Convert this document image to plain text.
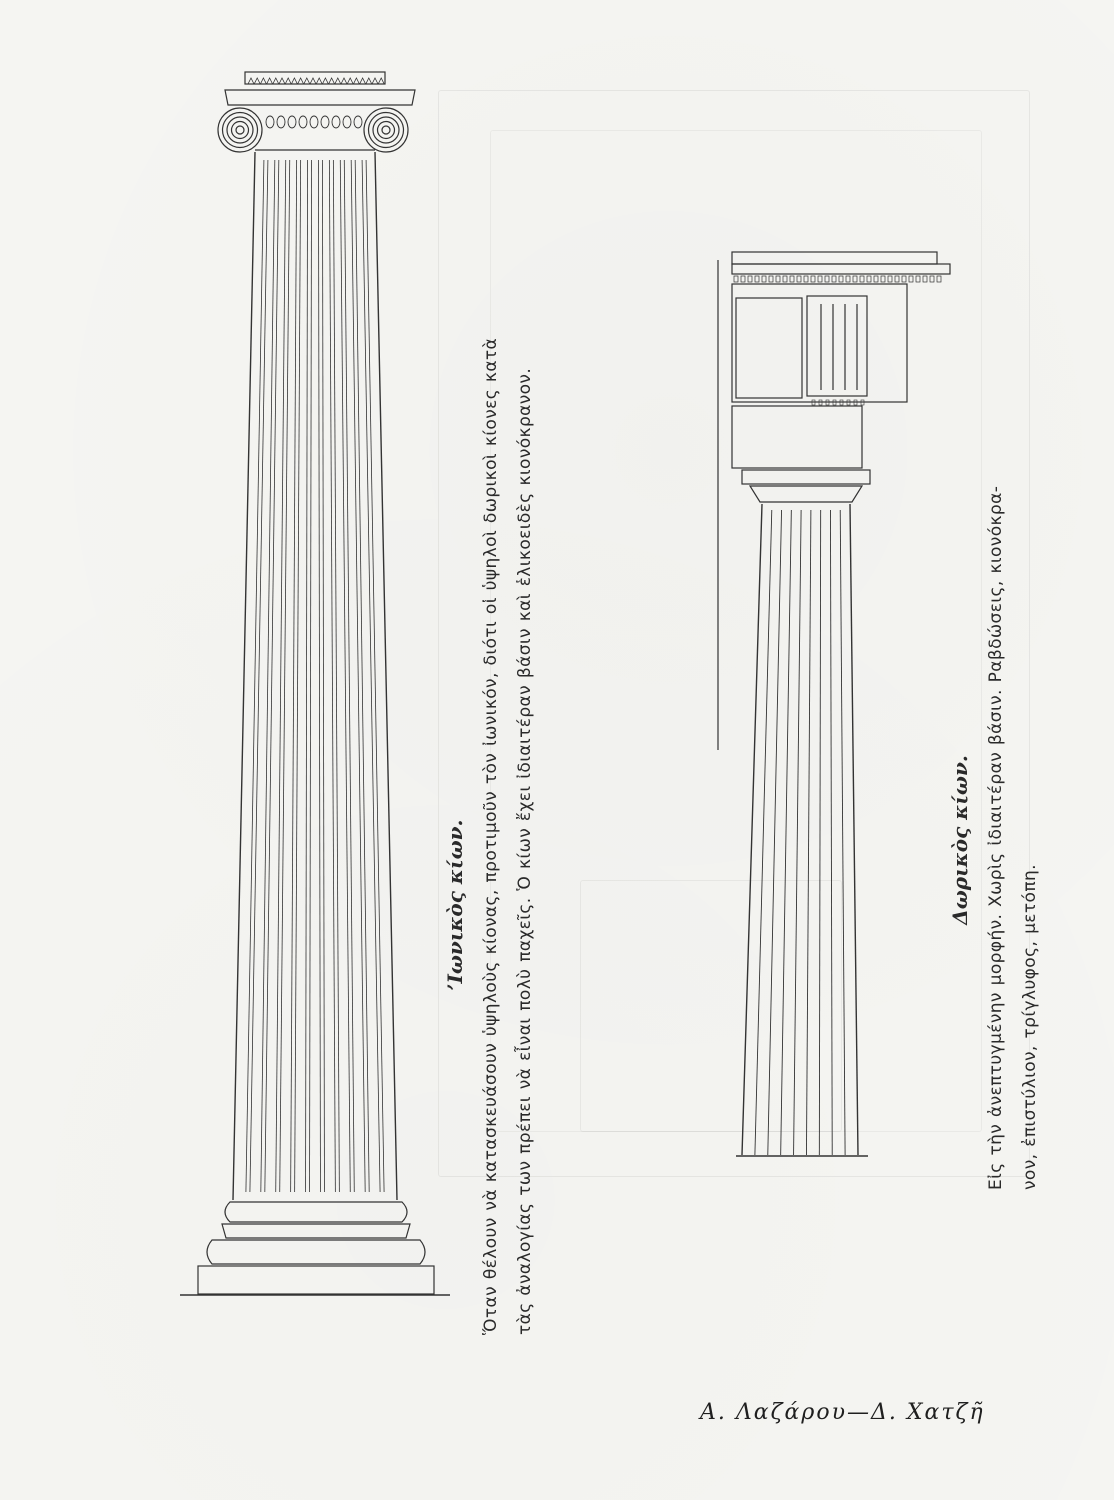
’Ιωνικὸς κίων. Ὅταν θέλουν νὰ κατασκευάσουν ὑψηλοὺς κίονας, προτιμοῦν τὸν ἰωνικόν, διότι οἱ ὑψηλοὶ δωρικοὶ κίονες κατὰ τὰς ἀναλογίας των πρέπει νὰ εἶναι πολὺ παχεῖς. Ὁ κίων ἔχει ἰδιαιτέραν βάσιν καὶ ἑλικοειδὲς κιονόκρανον.	Δωρικὸς κίων. Εἰς τὴν ἀνεπτυγμένην μορφήν. Χωρὶς ἰδιαιτέραν βάσιν. Ραβδώσεις, κιονόκρα- νον, ἐπιστύλιον, τρίγλυφος, μετόπη.
Α. Λαζάρου—Δ. Χατζῆ
